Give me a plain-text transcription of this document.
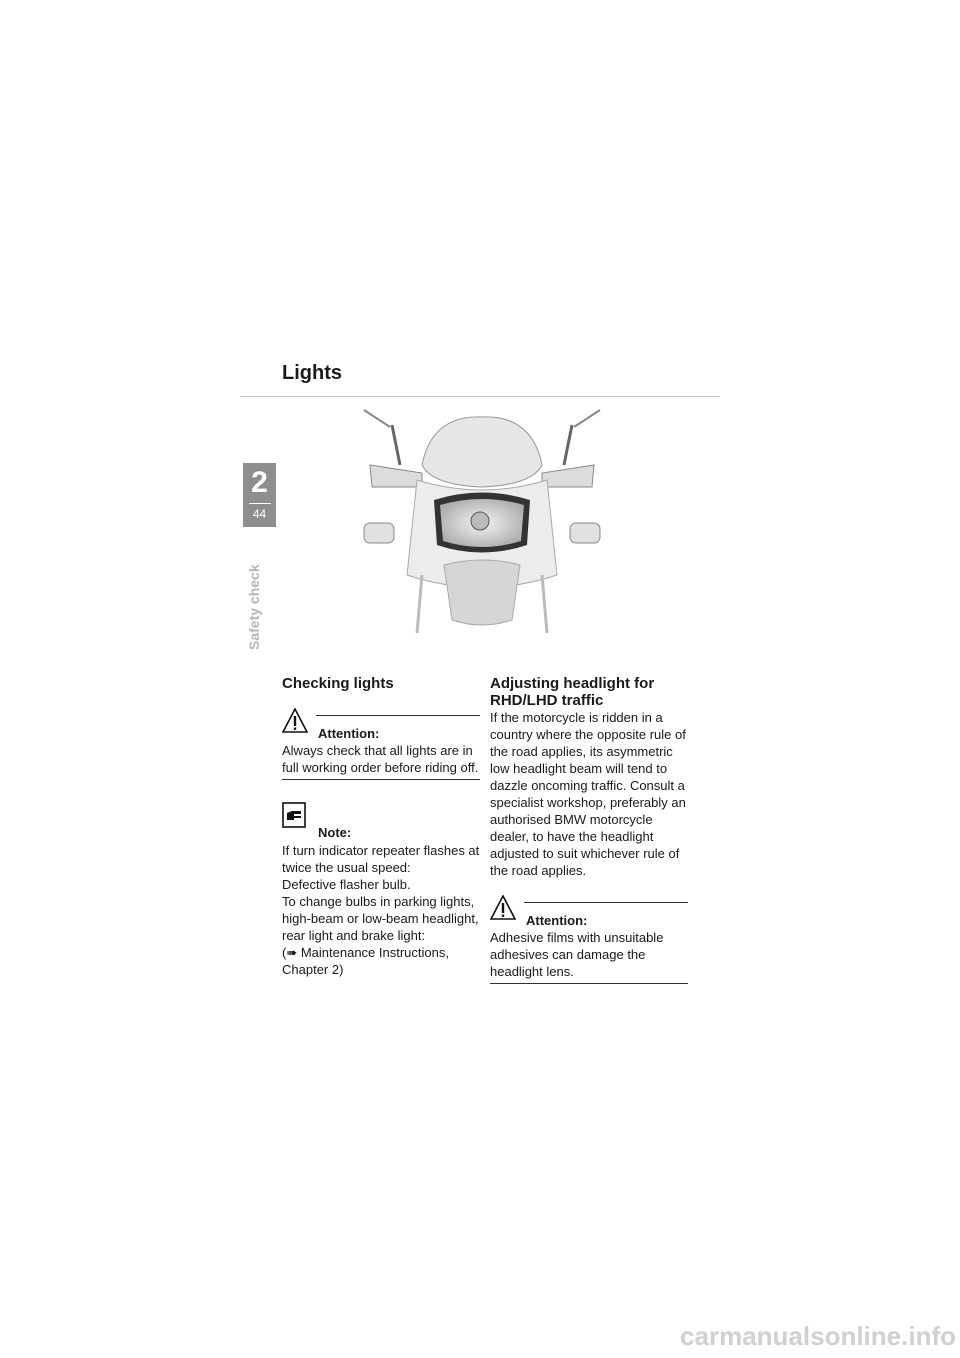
Lights
2
44
Safety check
Checking lights
Attention:

Always check that all lights are in full working order before riding off.

Note:

If turn indicator repeater flashes at twice the usual speed:

Defective flasher bulb.

To change bulbs in parking lights, high-beam or low-beam headlight, rear light and brake light:

(➠ Maintenance Instructions, Chapter 2)

Adjusting headlight for RHD/LHD traffic

If the motorcycle is ridden in a country where the opposite rule of the road applies, its asymmetric low headlight beam will tend to dazzle oncoming traffic. Consult a specialist workshop, preferably an authorised BMW motorcycle dealer, to have the headlight adjusted to suit whichever rule of the road applies.

Attention:

Adhesive films with unsuitable adhesives can damage the headlight lens.

carmanualsonline.info
